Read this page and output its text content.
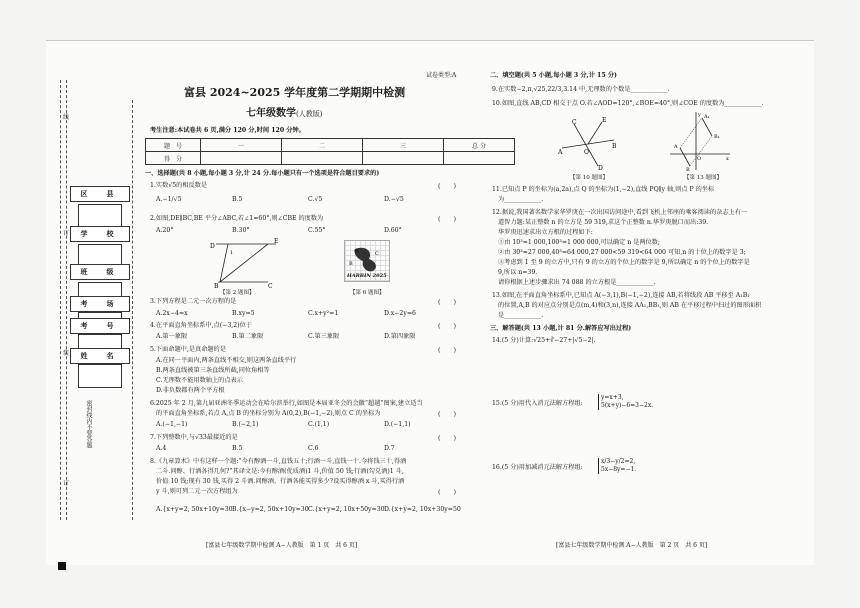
区　县
学　校
班　级
考　场
考　号
姓　名
密封线内不要答题
线
订
装
订
试卷类型:A
富县 2024~2025 学年度第二学期期中检测
七年级数学(人教版)
考生注意:本试卷共 6 页,满分 120 分,时间 120 分钟。
题　号	一	二	三	总 分
得　分				
一、选择题(共 8 小题,每小题 3 分,计 24 分.每小题只有一个选项是符合题目要求的)
1.实数√5的相反数是	(　　)
A.−1/√5	B.5	C.√5	D.−√5
2.如图,DE∥BC,BE 平分∠ABC,若∠1=60°,则∠CBE 的度数为	(　　)
A.20°	B.30°	C.55°	D.60°
D
E
B	C
1
【第 2 题图】
A
B
C
HARBIN 2025
【第 6 题图】
3.下列方程是二元一次方程的是	(　　)
A.2x−4=x	B.xy=5	C.x+y²=1	D.x−2y=6
4.在平面直角坐标系中,点(−3,2)位于	(　　)
A.第一象限	B.第二象限	C.第三象限	D.第四象限
5.下面命题中,是真命题的是	(　　)
A.在同一平面内,两条直线不相交,则这两条直线平行
B.两条直线被第三条直线所截,同位角相等
C.无理数不能用数轴上的点表示
D.非负数都有两个平方根
6.2025 年 2 月,第九届亚洲冬季运动会在哈尔滨举行,如图是本届亚冬会的会徽“超越”图案,建立适当
的平面直角坐标系,若点 A,点 B 的坐标分别为 A(0,2),B(−1,−2),则点 C 的坐标为	(　　)
A.(−1,−1)	B.(−2,1)	C.(1,1)	D.(−1,1)
7.下列整数中,与√33最接近的是	(　　)
A.4	B.5	C.6	D.7
8.《九章算术》中有这样一个题:“今有醇酒一斗,直钱五十;行酒一斗,直钱一十.今将钱三十,得酒
二斗.问醇、行酒各得几何?”其译文是:今有醇酒(优质酒)1 斗,价值 50 钱;行酒(勾兑酒)1 斗,
价值 10 钱;现有 30 钱,买得 2 斗酒.问醇酒、行酒各能买得多少?设买得醇酒 x 斗,买得行酒
y 斗,则可列二元一次方程组为	(　　)
A.{x+y=2, 50x+10y=30 B.{x−y=2, 50x+10y=30 C.{x+y=2, 10x+50y=30 D.{x+y=2, 10x+30y=50
[富县七年级数学期中检测 A−人教版　第 1 页　共 6 页]
二、填空题(共 5 小题,每小题 3 分,计 15 分)
9.在实数−2,π,√25,22/3,3.14 中,无理数的个数是____________.
10.如图,直线 AB,CD 相交于点 O.若∠AOD=120°,∠BOE=40°,则∠COE 的度数为____________.
C	E
A
B
O
D
【第 10 题图】
y
x
A
B
A₁
B₁
O
【第 13 题图】
11.已知点 P 的坐标为(a,2a),点 Q 的坐标为(1,−2),直线 PQ∥y 轴,则点 P 的坐标
为____________.
12.据说,我国著名数学家华罗庚在一次出国访问途中,看到飞机上邻座的乘客阅读的杂志上有一
道智力题:某正整数 n 的立方是 59 319,求这个正整数 n.华罗庚脱口而出:39.
华罗庚迅速求出立方根的过程如下:
①由 10³=1 000,100³=1 000 000,可以确定 n 是两位数;
②由 30³=27 000,40³=64 000,27 000<59 319<64 000 可知,n 的十位上的数字是 3;
③考虑到 1 至 9 的立方中,只有 9 的立方的个位上的数字是 9,所以确定 n 的个位上的数字是
9,所以 n=39.
请你根据上述步骤求出 74 088 的立方根是____________.
13.如图,在平面直角坐标系中,已知点 A(−3,1),B(−1,−2),连接 AB,若将线段 AB 平移至 A₁B₁
的位置,A,B 的对应点分别是点(m,4)和(3,n),连接 AA₁,BB₁,则 AB 在平移过程中扫过的图形面积
是____________.
三、解答题(共 13 小题,计 81 分.解答应写出过程)
14.(5 分)计算:√25+∛−27+|√5−2|.
15.(5 分)用代入消元法解方程组:
y=x+3,
5(x+y)−6=3−2x.
16.(5 分)用加减消元法解方程组:
x/3−y/2=2,
5x−8y=−1.
[富县七年级数学期中检测 A−人教版　第 2 页　共 6 页]
